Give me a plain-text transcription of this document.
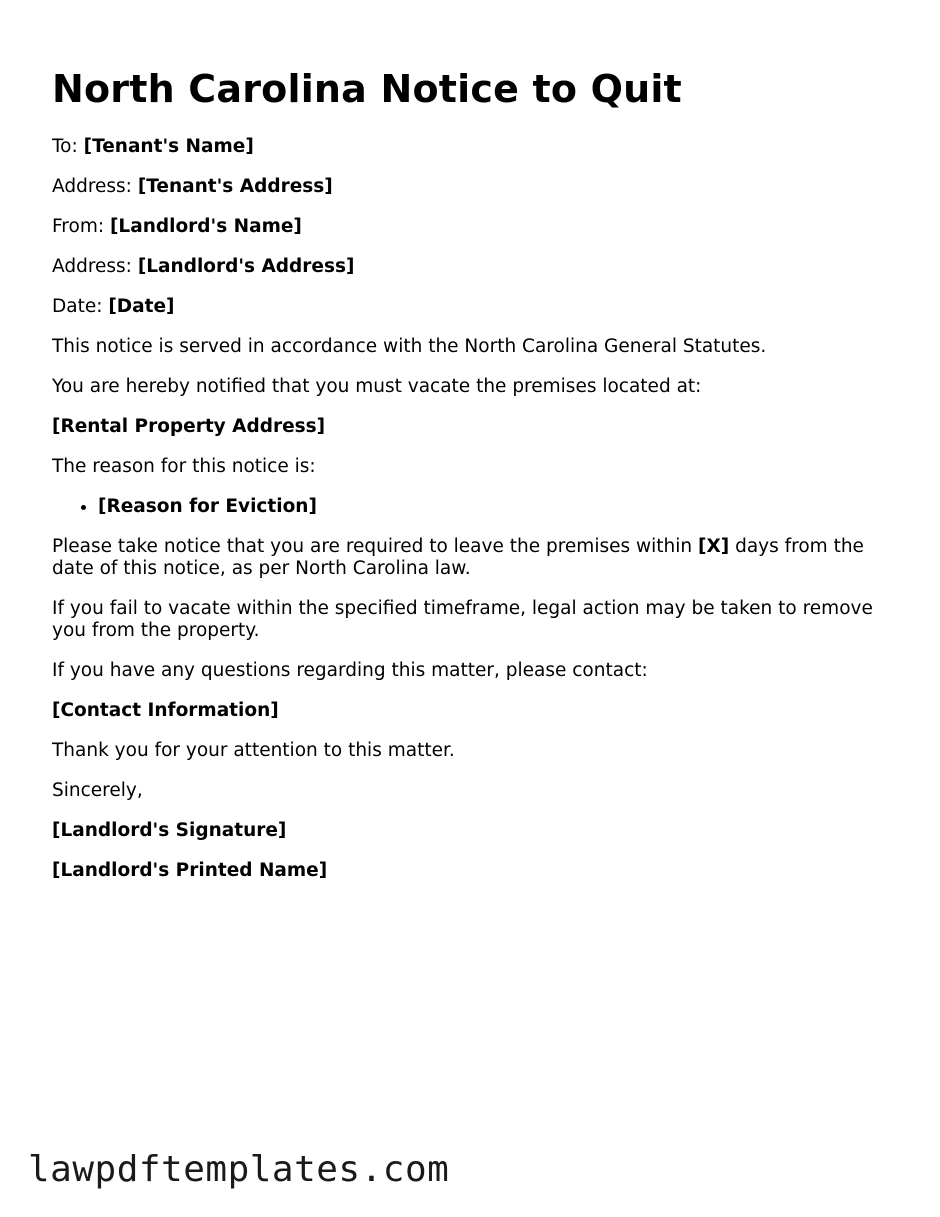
North Carolina Notice to Quit

To: [Tenant's Name]

Address: [Tenant's Address]

From: [Landlord's Name]

Address: [Landlord's Address]

Date: [Date]

This notice is served in accordance with the North Carolina General Statutes.

You are hereby notified that you must vacate the premises located at:

[Rental Property Address]

The reason for this notice is:

• [Reason for Eviction]

Please take notice that you are required to leave the premises within [X] days from the date of this notice, as per North Carolina law.

If you fail to vacate within the specified timeframe, legal action may be taken to remove you from the property.

If you have any questions regarding this matter, please contact:

[Contact Information]

Thank you for your attention to this matter.

Sincerely,

[Landlord's Signature]

[Landlord's Printed Name]

lawpdftemplates.com
